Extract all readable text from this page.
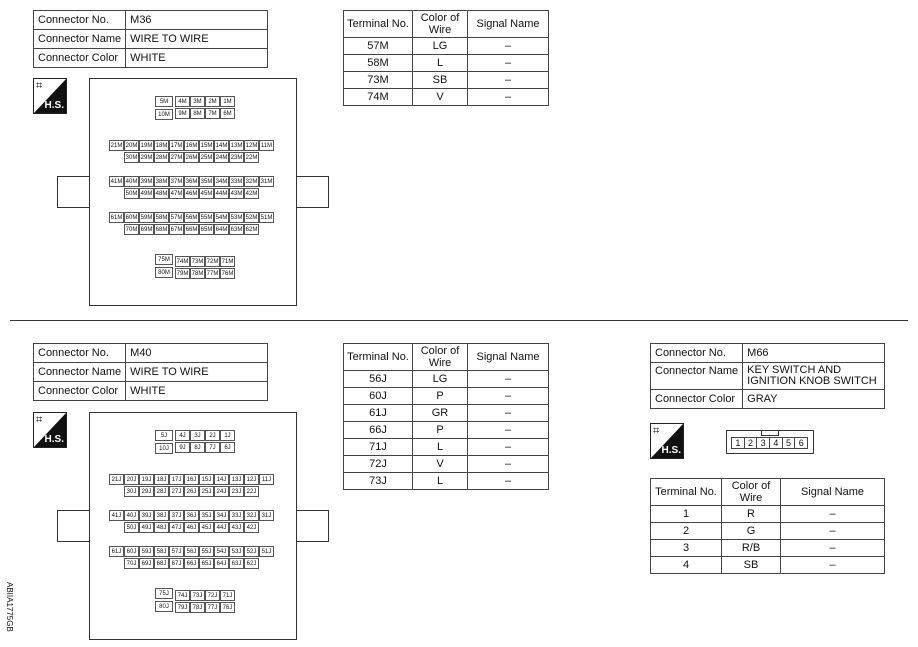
Connector No.	M36
Connector Name	WIRE TO WIRE
Connector Color	WHITE
⌗
H.S.	5M
10M
4M	3M	2M	1M
9M	8M	7M	6M
21M 20M 19M 18M 17M 16M 15M 14M 13M 12M 11M
30M 29M 28M 27M 26M 25M 24M 23M 22M
41M 40M 39M 38M 37M 36M 35M 34M 33M 32M 31M
50M 49M 48M 47M 46M 45M 44M 43M 42M
61M 60M 59M 58M 57M 56M 55M 54M 53M 52M 51M
70M 69M 68M 67M 66M 65M 64M 63M 62M
75M
80M
74M 73M 72M 71M
79M 78M 77M 76M
Terminal No.	Color of Wire	Signal Name
57M	LG	–
58M	L	–
73M	SB	–
74M	V	–
Connector No.	M40
Connector Name	WIRE TO WIRE
Connector Color	WHITE
⌗
H.S.	5J
10J
4J	3J	2J	1J
9J	8J	7J	6J
21J 20J 19J 18J 17J 16J 15J 14J 13J 12J 11J
30J 29J 28J 27J 26J 25J 24J 23J 22J
41J 40J 39J 38J 37J 36J 35J 34J 33J 32J 31J
50J 49J 48J 47J 46J 45J 44J 43J 42J
61J 60J 59J 58J 57J 56J 55J 54J 53J 52J 51J
70J 69J 68J 67J 66J 65J 64J 63J 62J
75J
80J
74J 73J 72J 71J
79J 78J 77J 76J
Terminal No.	Color of Wire	Signal Name
56J	LG	–
60J	P	–
61J	GR	–
66J	P	–
71J	L	–
72J	V	–
73J	L	–
Connector No.	M66
Connector Name	KEY SWITCH AND IGNITION KNOB SWITCH
Connector Color	GRAY
⌗
H.S.
1 2 3 4 5 6
Terminal No.	Color of Wire	Signal Name
1	R	–
2	G	–
3	R/B	–
4	SB	–
ABIIA1775GB
